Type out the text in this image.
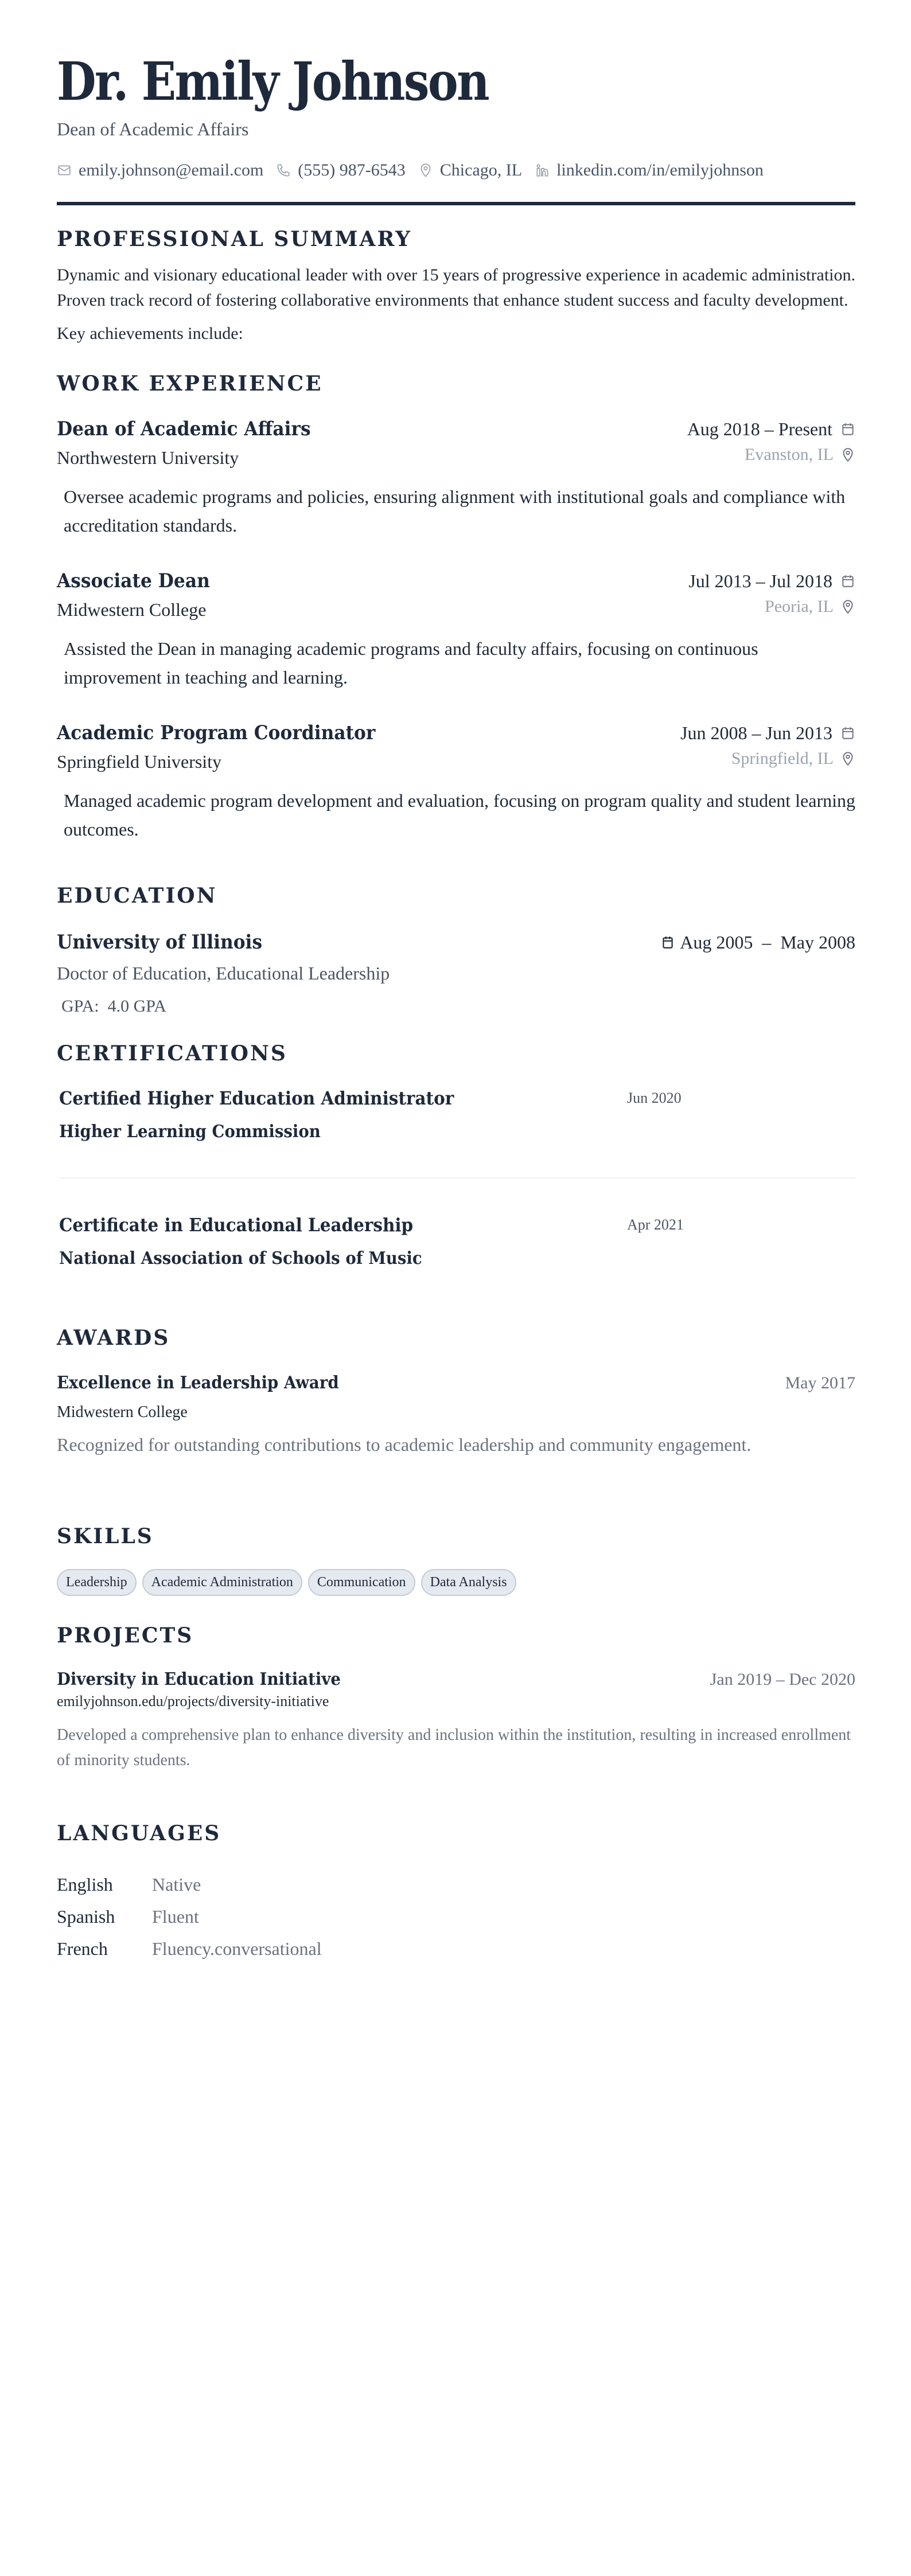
Dr. Emily Johnson
Dean of Academic Affairs
emily.johnson@email.com (555) 987-6543 Chicago, IL linkedin.com/in/emilyjohnson
PROFESSIONAL SUMMARY

Dynamic and visionary educational leader with over 15 years of progressive experience in academic administration. Proven track record of fostering collaborative environments that enhance student success and faculty development.

Key achievements include:

WORK EXPERIENCE
Dean of Academic Affairs	Aug 2018 – Present
Northwestern University	Evanston, IL

Oversee academic programs and policies, ensuring alignment with institutional goals and compliance with accreditation standards.

Associate Dean	Jul 2013 – Jul 2018
Midwestern College	Peoria, IL

Assisted the Dean in managing academic programs and faculty affairs, focusing on continuous improvement in teaching and learning.

Academic Program Coordinator	Jun 2008 – Jun 2013
Springfield University	Springfield, IL

Managed academic program development and evaluation, focusing on program quality and student learning outcomes.

EDUCATION
University of Illinois	Aug 2005  –  May 2008
Doctor of Education, Educational Leadership
GPA: 4.0 GPA
CERTIFICATIONS
Certified Higher Education Administrator
Higher Learning Commission
Jun 2020
Certificate in Educational Leadership
National Association of Schools of Music
Apr 2021
AWARDS
Excellence in Leadership Award	May 2017
Midwestern College
Recognized for outstanding contributions to academic leadership and community engagement.
SKILLS
Leadership	Academic Administration	Communication	Data Analysis
PROJECTS
Diversity in Education Initiative	Jan 2019 – Dec 2020
emilyjohnson.edu/projects/diversity-initiative
Developed a comprehensive plan to enhance diversity and inclusion within the institution, resulting in increased enrollment of minority students.
LANGUAGES
English	Native
Spanish	Fluent
French	Fluency.conversational
